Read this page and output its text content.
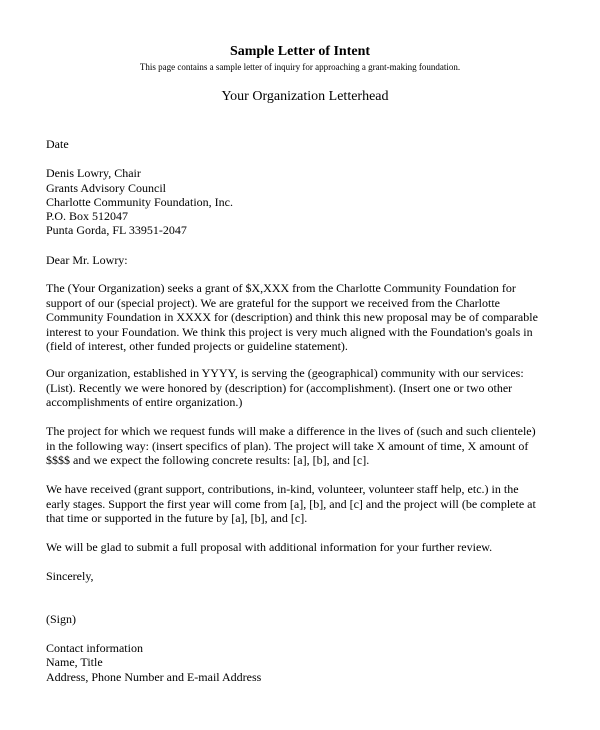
Sample Letter of Intent
This page contains a sample letter of inquiry for approaching a grant-making foundation.
Your Organization Letterhead
Date
Denis Lowry, Chair
Grants Advisory Council
Charlotte Community Foundation, Inc.
P.O. Box 512047
Punta Gorda, FL 33951-2047
Dear Mr. Lowry:
The (Your Organization) seeks a grant of $X,XXX from the Charlotte Community Foundation for
support of our (special project). We are grateful for the support we received from the Charlotte
Community Foundation in XXXX for (description) and think this new proposal may be of comparable
interest to your Foundation. We think this project is very much aligned with the Foundation's goals in
(field of interest, other funded projects or guideline statement).
Our organization, established in YYYY, is serving the (geographical) community with our services:
(List). Recently we were honored by (description) for (accomplishment). (Insert one or two other
accomplishments of entire organization.)
The project for which we request funds will make a difference in the lives of (such and such clientele)
in the following way: (insert specifics of plan). The project will take X amount of time, X amount of
$$$$ and we expect the following concrete results: [a], [b], and [c].
We have received (grant support, contributions, in-kind, volunteer, volunteer staff help, etc.) in the
early stages. Support the first year will come from [a], [b], and [c] and the project will (be complete at
that time or supported in the future by [a], [b], and [c].
We will be glad to submit a full proposal with additional information for your further review.
Sincerely,
(Sign)
Contact information
Name, Title
Address, Phone Number and E-mail Address
